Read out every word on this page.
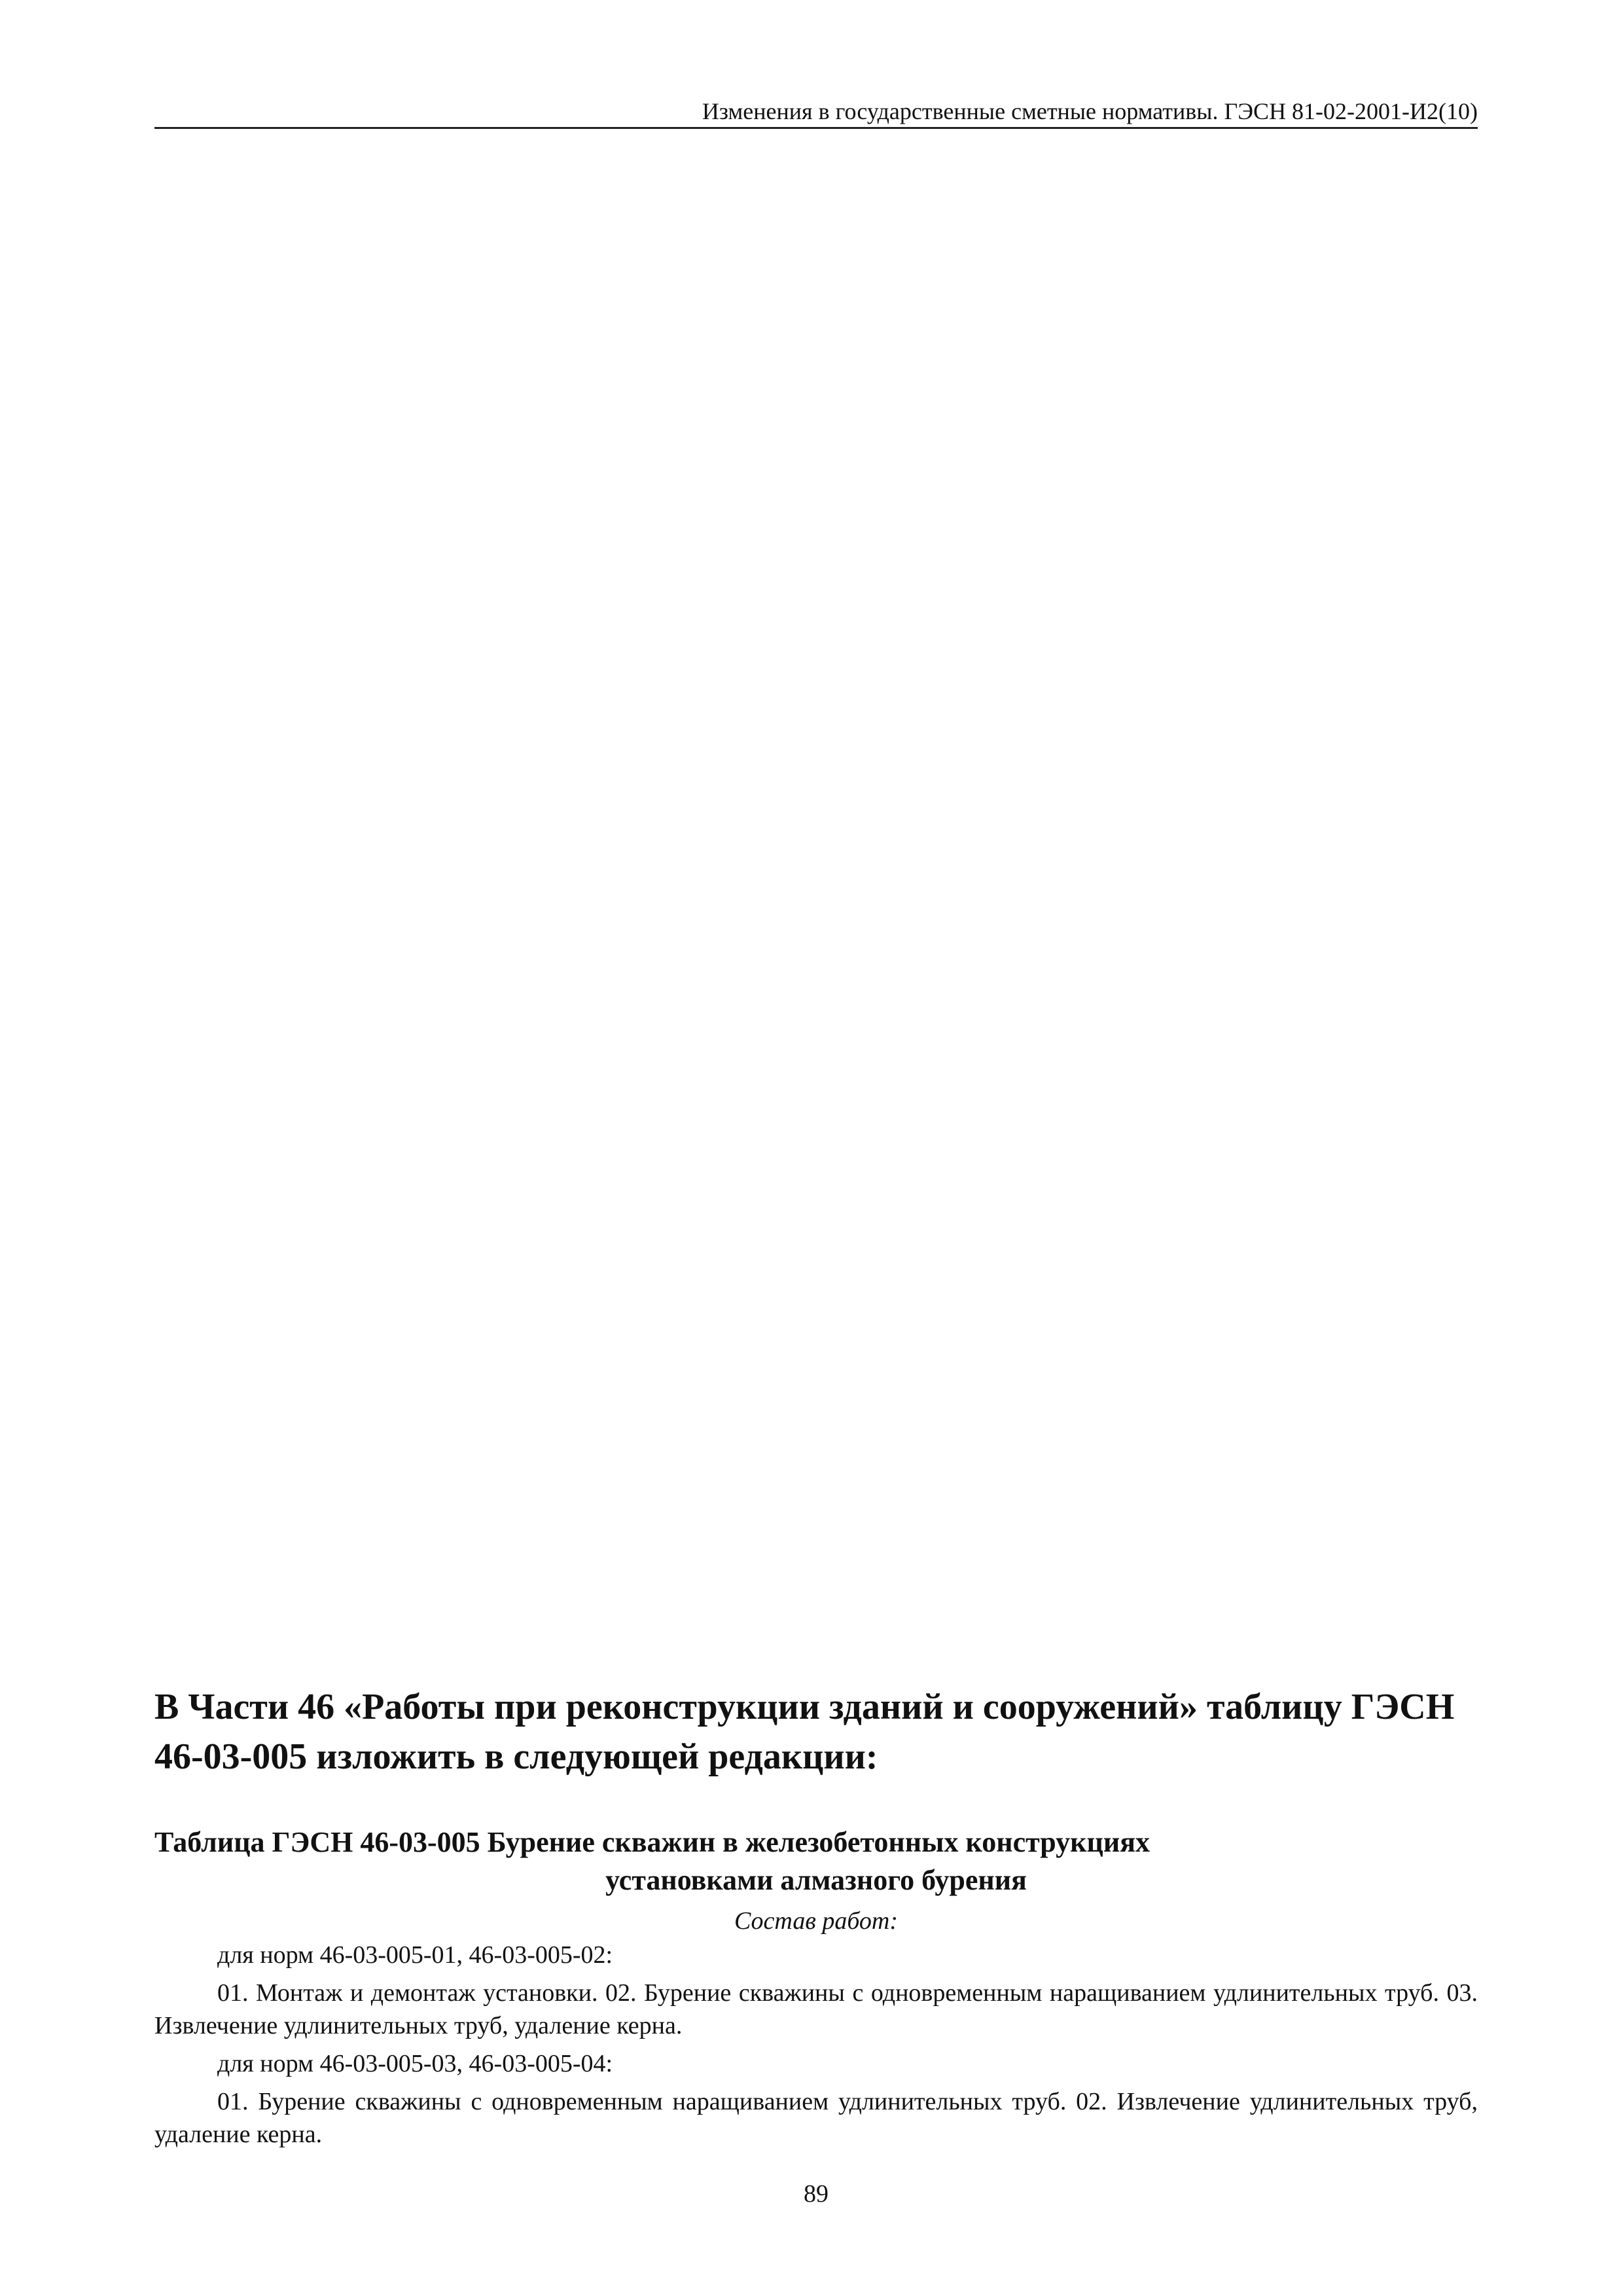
Изменения в государственные сметные нормативы. ГЭСН 81-02-2001-И2(10)
В Части 46 «Работы при реконструкции зданий и сооружений» таблицу ГЭСН 46-03-005 изложить в следующей редакции:
Таблица ГЭСН 46-03-005 Бурение скважин в железобетонных конструкциях
установками алмазного бурения

Состав работ:

для норм 46-03-005-01, 46-03-005-02:

01. Монтаж и демонтаж установки. 02. Бурение скважины с одновременным наращиванием удлинительных труб. 03. Извлечение удлинительных труб, удаление керна.

для норм 46-03-005-03, 46-03-005-04:

01. Бурение скважины с одновременным наращиванием удлинительных труб. 02. Извлечение удлинительных труб, удаление керна.

89
